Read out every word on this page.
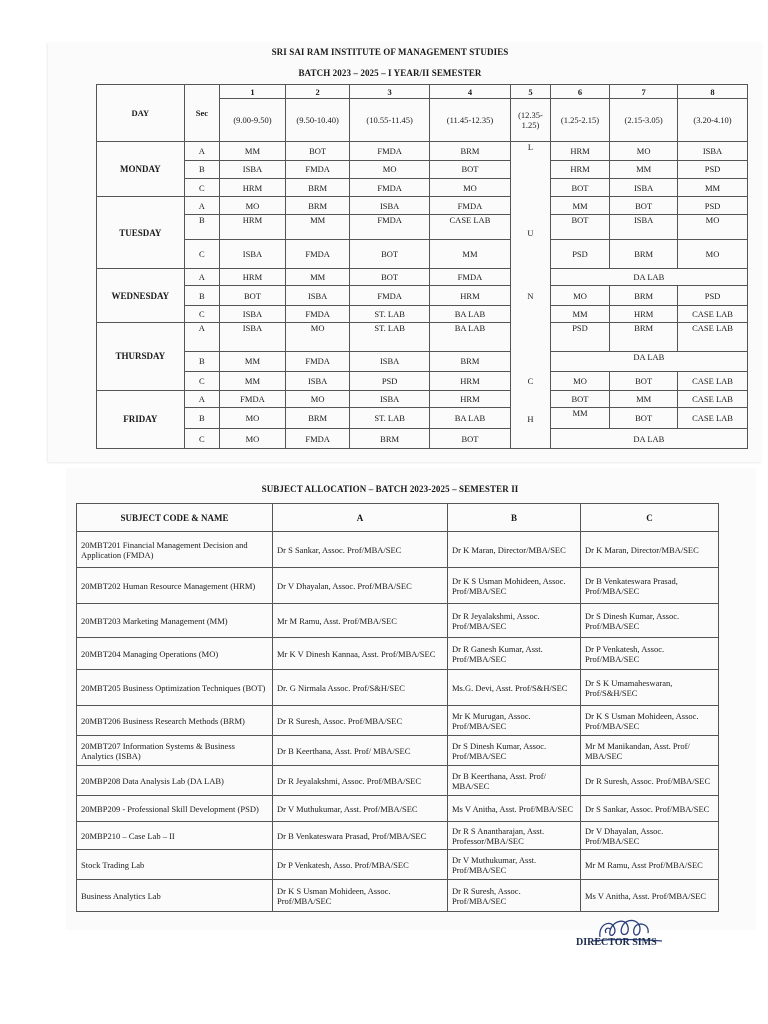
SRI SAI RAM INSTITUTE OF MANAGEMENT STUDIES
BATCH 2023 – 2025 – I YEAR/II SEMESTER
DAY	Sec	1	2	3	4	5	6	7	8
		(9.00-9.50)	(9.50-10.40)	(10.55-11.45)	(11.45-12.35)	(12.35-1.25)	(1.25-2.15)	(2.15-3.05)	(3.20-4.10)
MONDAY	A	MM	BOT	FMDA	BRM	L	HRM	MO	ISBA
	B	ISBA	FMDA	MO	BOT		HRM	MM	PSD
	C	HRM	BRM	FMDA	MO		BOT	ISBA	MM
TUESDAY	A	MO	BRM	ISBA	FMDA	U	MM	BOT	PSD
	B	HRM	MM	FMDA	CASE LAB		BOT	ISBA	MO
	C	ISBA	FMDA	BOT	MM		PSD	BRM	MO
WEDNESDAY	A	HRM	MM	BOT	FMDA	N	DA LAB		
	B	BOT	ISBA	FMDA	HRM		MO	BRM	PSD
	C	ISBA	FMDA	ST. LAB	BA LAB		MM	HRM	CASE LAB
THURSDAY	A	ISBA	MO	ST. LAB	BA LAB	C	PSD	BRM	CASE LAB
	B	MM	FMDA	ISBA	BRM		DA LAB		
	C	MM	ISBA	PSD	HRM		MO	BOT	CASE LAB
FRIDAY	A	FMDA	MO	ISBA	HRM	H	BOT	MM	CASE LAB
	B	MO	BRM	ST. LAB	BA LAB		MM	BOT	CASE LAB
	C	MO	FMDA	BRM	BOT		DA LAB		
SUBJECT ALLOCATION – BATCH 2023-2025 – SEMESTER II
SUBJECT CODE & NAME	A	B	C
20MBT201 Financial Management Decision and Application (FMDA)	Dr S Sankar, Assoc. Prof/MBA/SEC	Dr K Maran, Director/MBA/SEC	Dr K Maran, Director/MBA/SEC
20MBT202 Human Resource Management (HRM)	Dr V Dhayalan, Assoc. Prof/MBA/SEC	Dr K S Usman Mohideen, Assoc. Prof/MBA/SEC	Dr B Venkateswara Prasad, Prof/MBA/SEC
20MBT203 Marketing Management (MM)	Mr M Ramu, Asst. Prof/MBA/SEC	Dr R Jeyalakshmi, Assoc. Prof/MBA/SEC	Dr S Dinesh Kumar, Assoc. Prof/MBA/SEC
20MBT204 Managing Operations (MO)	Mr K V Dinesh Kannaa, Asst. Prof/MBA/SEC	Dr R Ganesh Kumar, Asst. Prof/MBA/SEC	Dr P Venkatesh, Assoc. Prof/MBA/SEC
20MBT205 Business Optimization Techniques (BOT)	Dr. G Nirmala Assoc. Prof/S&H/SEC	Ms.G. Devi, Asst. Prof/S&H/SEC	Dr S K Umamaheswaran, Prof/S&H/SEC
20MBT206 Business Research Methods (BRM)	Dr R Suresh, Assoc. Prof/MBA/SEC	Mr K Murugan, Assoc. Prof/MBA/SEC	Dr K S Usman Mohideen, Assoc. Prof/MBA/SEC
20MBT207 Information Systems & Business Analytics (ISBA)	Dr B Keerthana, Asst. Prof/ MBA/SEC	Dr S Dinesh Kumar, Assoc. Prof/MBA/SEC	Mr M Manikandan, Asst. Prof/ MBA/SEC
20MBP208 Data Analysis Lab (DA LAB)	Dr R Jeyalakshmi, Assoc. Prof/MBA/SEC	Dr B Keerthana, Asst. Prof/ MBA/SEC	Dr R Suresh, Assoc. Prof/MBA/SEC
20MBP209 - Professional Skill Development (PSD)	Dr V Muthukumar, Asst. Prof/MBA/SEC	Ms V Anitha, Asst. Prof/MBA/SEC	Dr S Sankar, Assoc. Prof/MBA/SEC
20MBP210 – Case Lab – II	Dr B Venkateswara Prasad, Prof/MBA/SEC	Dr R S Anantharajan, Asst. Professor/MBA/SEC	Dr V Dhayalan, Assoc. Prof/MBA/SEC
Stock Trading Lab	Dr P Venkatesh, Asso. Prof/MBA/SEC	Dr V Muthukumar, Asst. Prof/MBA/SEC	Mr M Ramu, Asst Prof/MBA/SEC
Business Analytics Lab	Dr K S Usman Mohideen, Assoc. Prof/MBA/SEC	Dr R Suresh, Assoc. Prof/MBA/SEC	Ms V Anitha, Asst. Prof/MBA/SEC
DIRECTOR SIMS
